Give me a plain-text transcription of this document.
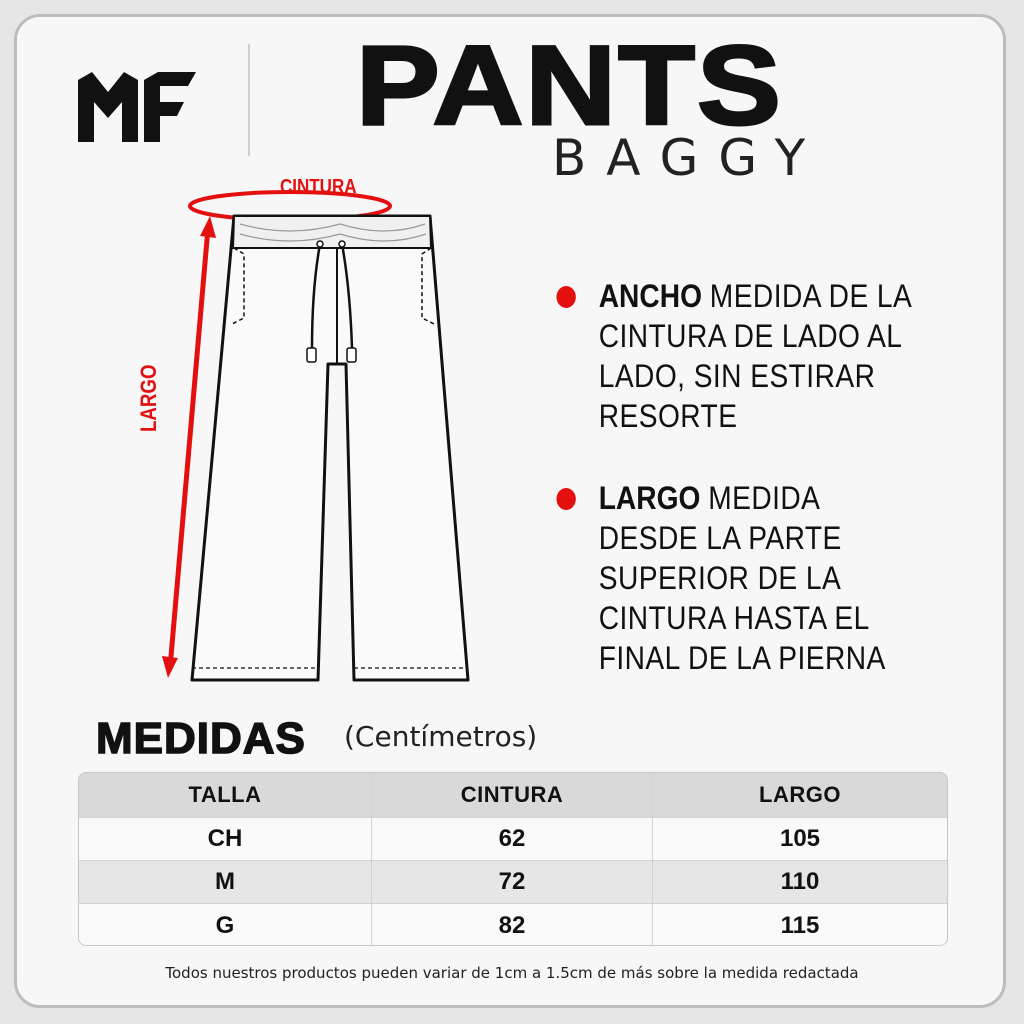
PANTS
BAGGY
CINTURA
LARGO
ANCHO MEDIDA DE LA CINTURA DE LADO AL LADO, SIN ESTIRAR RESORTE
LARGO MEDIDA DESDE LA PARTE SUPERIOR DE LA CINTURA HASTA EL FINAL DE LA PIERNA
MEDIDAS (Centímetros)
TALLA	CINTURA	LARGO
CH	62	105
M	72	110
G	82	115
Todos nuestros productos pueden variar de 1cm a 1.5cm de más sobre la medida redactada
